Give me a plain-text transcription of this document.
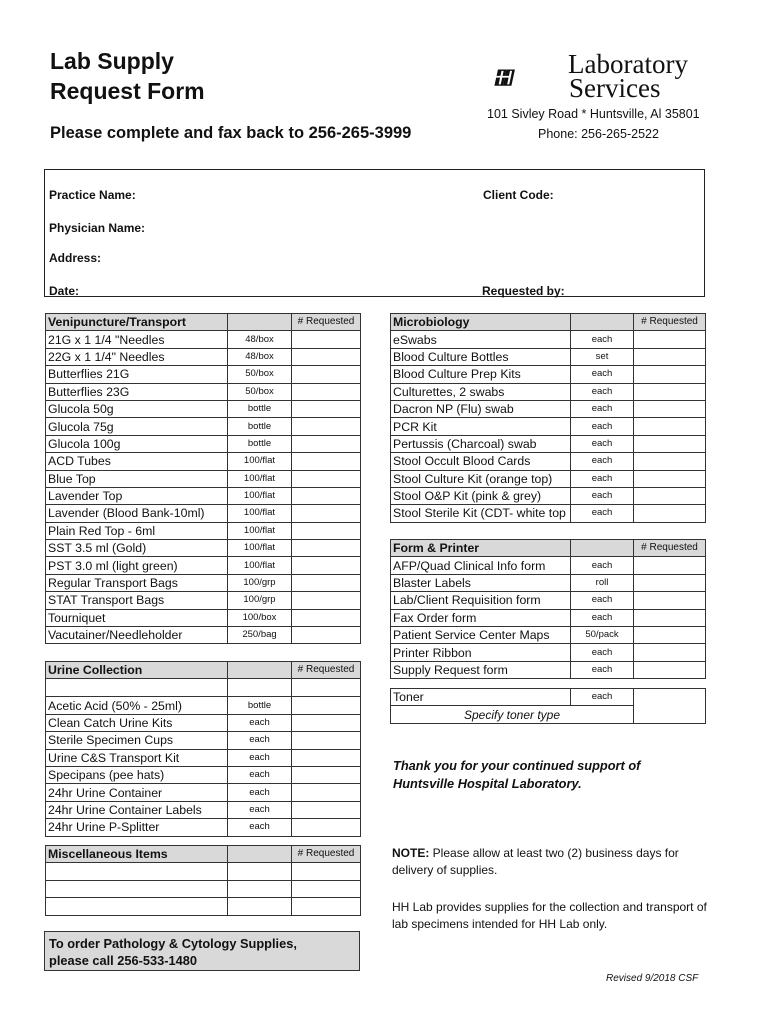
Lab Supply
Request Form
Please complete and fax back to 256-265-3999
Laboratory
Services
101 Sivley Road * Huntsville, Al 35801
Phone: 256-265-2522
Practice Name:	Client Code:
Physician Name:
Address:
Date:	Requested by:
Venipuncture/Transport		# Requested
21G x 1 1/4 "Needles	48/box	
22G x 1 1/4" Needles	48/box	
Butterflies 21G	50/box	
Butterflies 23G	50/box	
Glucola 50g	bottle	
Glucola 75g	bottle	
Glucola 100g	bottle	
ACD Tubes	100/flat	
Blue Top	100/flat	
Lavender Top	100/flat	
Lavender (Blood Bank-10ml)	100/flat	
Plain Red Top - 6ml	100/flat	
SST 3.5 ml (Gold)	100/flat	
PST 3.0 ml (light green)	100/flat	
Regular Transport Bags	100/grp	
STAT Transport Bags	100/grp	
Tourniquet	100/box	
Vacutainer/Needleholder	250/bag	
Urine Collection		# Requested

Acetic Acid (50% - 25ml)	bottle	
Clean Catch Urine Kits	each	
Sterile Specimen Cups	each	
Urine C&S Transport Kit	each	
Specipans (pee hats)	each	
24hr Urine Container	each	
24hr Urine Container Labels	each	
24hr Urine P-Splitter	each	
Miscellaneous Items		# Requested

Microbiology		# Requested
eSwabs	each	
Blood Culture Bottles	set	
Blood Culture Prep Kits	each	
Culturettes, 2 swabs	each	
Dacron NP (Flu) swab	each	
PCR Kit	each	
Pertussis (Charcoal) swab	each	
Stool Occult Blood Cards	each	
Stool Culture Kit (orange top)	each	
Stool O&P Kit (pink & grey)	each	
Stool Sterile Kit (CDT- white top	each	
Form & Printer		# Requested
AFP/Quad Clinical Info form	each	
Blaster Labels	roll	
Lab/Client Requisition form	each	
Fax Order form	each	
Patient Service Center Maps	50/pack	
Printer Ribbon	each	
Supply Request form	each	
Toner	each	
Specify toner type
Thank you for your continued support of
Huntsville Hospital Laboratory.
NOTE: Please allow at least two (2) business days for delivery of supplies.
HH Lab provides supplies for the collection and transport of lab specimens intended for HH Lab only.
To order Pathology & Cytology Supplies,
please call 256-533-1480
Revised 9/2018 CSF
